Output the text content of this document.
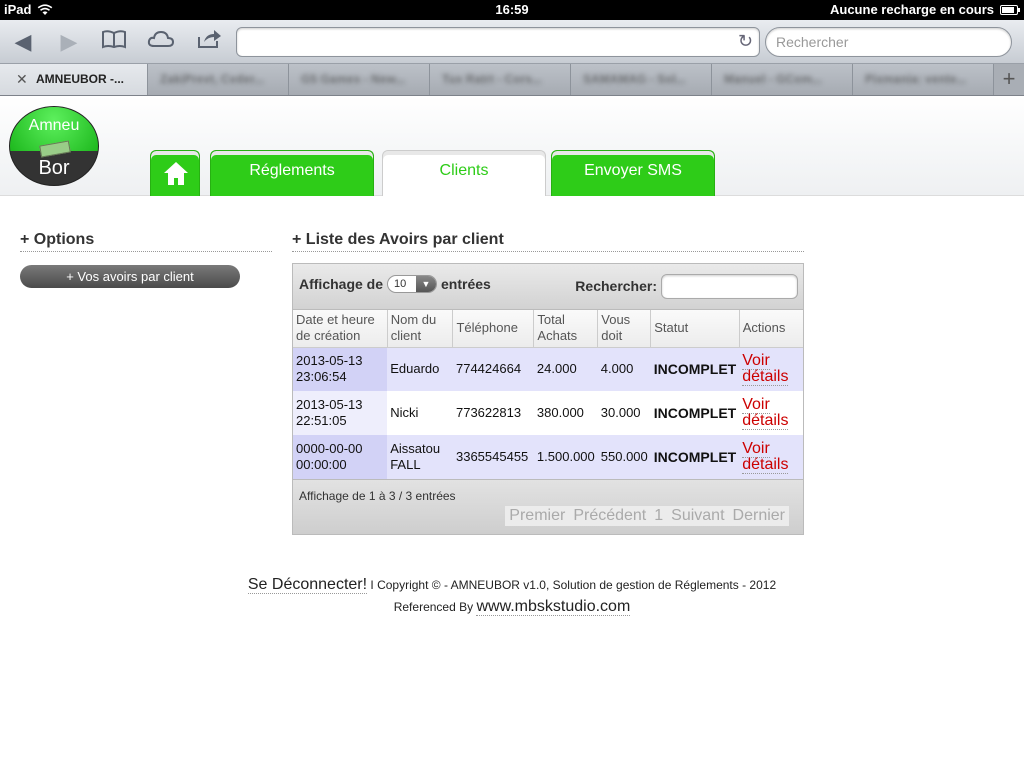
iPad	16:59	Aucune recharge en cours
◀ ▶	↻	Rechercher
✕ AMNEUBOR -...	ZakiPrevt, Cvder...	G5 Games - New...	Tux Ratrt - Cors...	SAMAMAG - Sol...	Manuel - GCom...	Pixmania: vente...	+
Amneu
Bor	Réglements	Clients	Envoyer SMS
+ Options
+ Vos avoirs par client
+ Liste des Avoirs par client
Affichage de	10	▼ entrées	Rechercher:
Date et heure de création	Nom du client	Téléphone	Total Achats	Vous doit	Statut	Actions
2013-05-13 23:06:54	Eduardo	774424664	24.000	4.000	INCOMPLET	Voir détails
2013-05-13 22:51:05	Nicki	773622813	380.000	30.000	INCOMPLET	Voir détails
0000-00-00 00:00:00	Aissatou FALL	3365545455	1.500.000	550.000	INCOMPLET	Voir détails
Affichage de 1 à 3 / 3 entrées
Premier Précédent 1 Suivant Dernier
Se Déconnecter! I Copyright © - AMNEUBOR v1.0, Solution de gestion de Réglements - 2012
Referenced By www.mbskstudio.com
